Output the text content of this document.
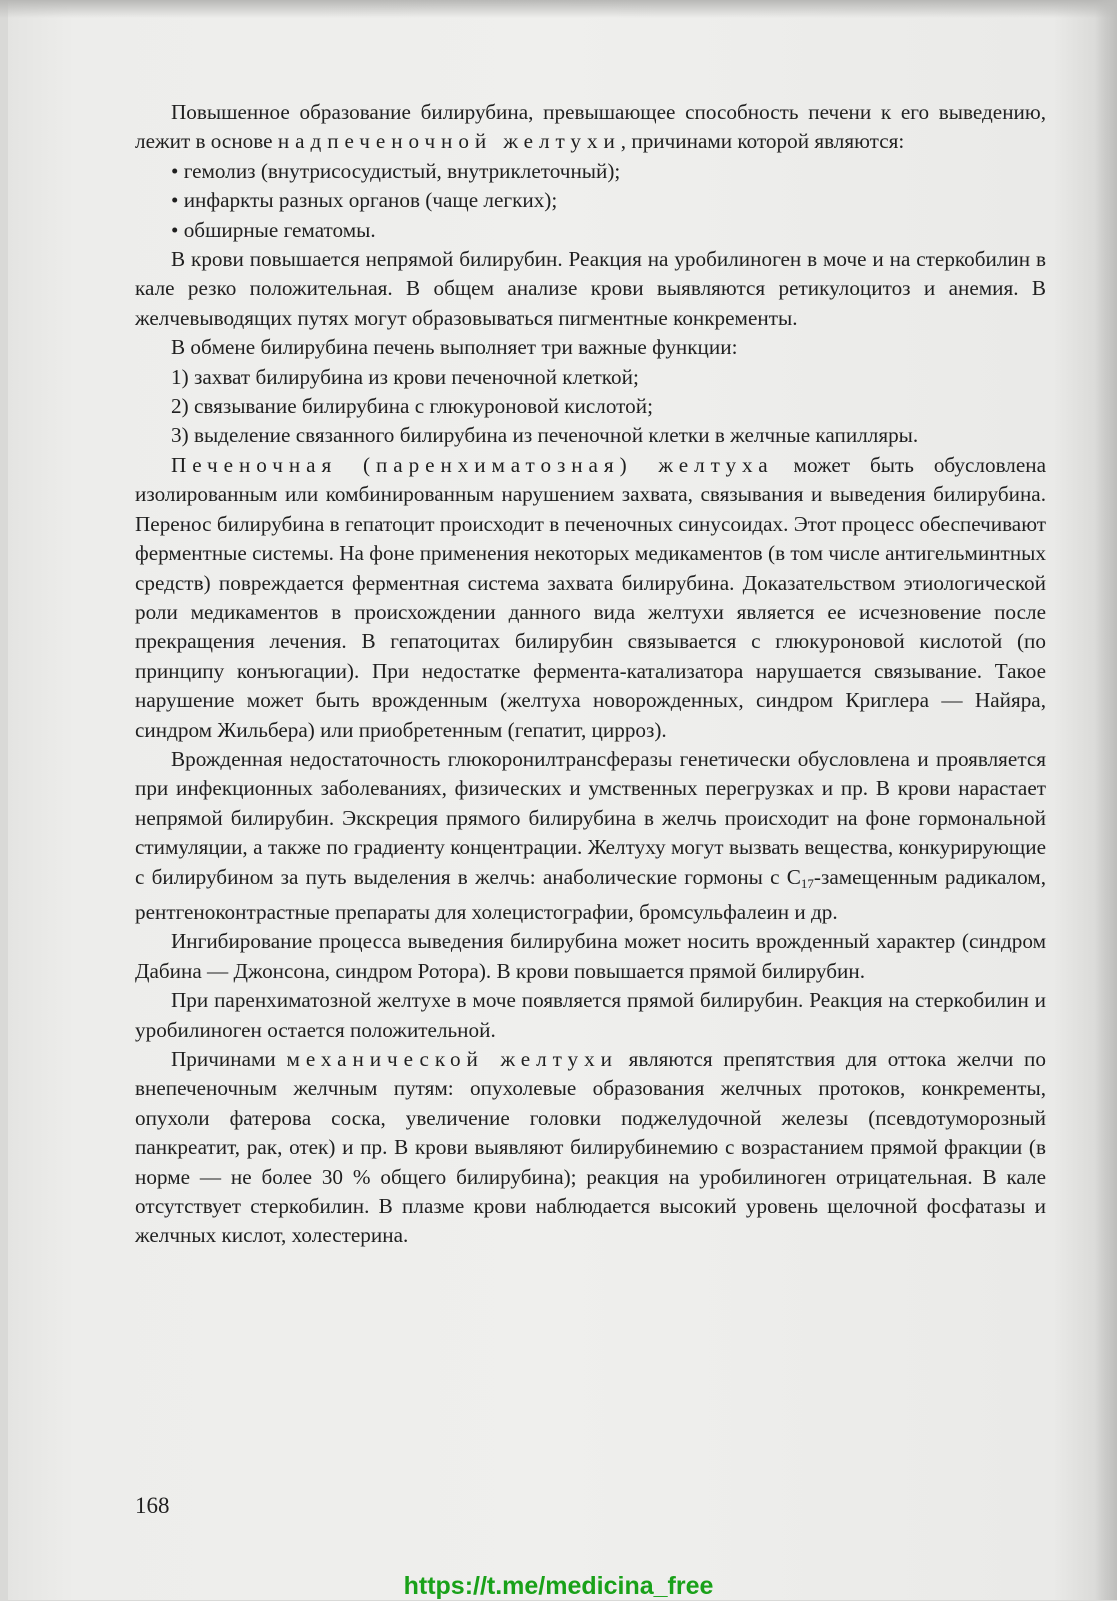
Повышенное образование билирубина, превышающее способность печени к его выведению, лежит в основе надпеченочной желтухи, причинами которой являются:

• гемолиз (внутрисосудистый, внутриклеточный);

• инфаркты разных органов (чаще легких);

• обширные гематомы.

В крови повышается непрямой билирубин. Реакция на уробилиноген в моче и на стеркобилин в кале резко положительная. В общем анализе крови выявляются ретикулоцитоз и анемия. В желчевыводящих путях могут образовываться пигментные конкременты.

В обмене билирубина печень выполняет три важные функции:

1) захват билирубина из крови печеночной клеткой;

2) связывание билирубина с глюкуроновой кислотой;

3) выделение связанного билирубина из печеночной клетки в желчные капилляры.

Печеночная (паренхиматозная) желтуха может быть обусловлена изолированным или комбинированным нарушением захвата, связывания и выведения билирубина. Перенос билирубина в гепатоцит происходит в печеночных синусоидах. Этот процесс обеспечивают ферментные системы. На фоне применения некоторых медикаментов (в том числе антигельминтных средств) повреждается ферментная система захвата билирубина. Доказательством этиологической роли медикаментов в происхождении данного вида желтухи является ее исчезновение после прекращения лечения. В гепатоцитах билирубин связывается с глюкуроновой кислотой (по принципу конъюгации). При недостатке фермента-катализатора нарушается связывание. Такое нарушение может быть врожденным (желтуха новорожденных, синдром Криглера — Найяра, синдром Жильбера) или приобретенным (гепатит, цирроз).

Врожденная недостаточность глюкоронилтрансферазы генетически обусловлена и проявляется при инфекционных заболеваниях, физических и умственных перегрузках и пр. В крови нарастает непрямой билирубин. Экскреция прямого билирубина в желчь происходит на фоне гормональной стимуляции, а также по градиенту концентрации. Желтуху могут вызвать вещества, конкурирующие с билирубином за путь выделения в желчь: анаболические гормоны с $С_{17}$-замещенным радикалом, рентгеноконтрастные препараты для холецистографии, бромсульфалеин и др.

Ингибирование процесса выведения билирубина может носить врожденный характер (синдром Дабина — Джонсона, синдром Ротора). В крови повышается прямой билирубин.

При паренхиматозной желтухе в моче появляется прямой билирубин. Реакция на стеркобилин и уробилиноген остается положительной.

Причинами механической желтухи являются препятствия для оттока желчи по внепеченочным желчным путям: опухолевые образования желчных протоков, конкременты, опухоли фатерова соска, увеличение головки поджелудочной железы (псевдотуморозный панкреатит, рак, отек) и пр. В крови выявляют билирубинемию с возрастанием прямой фракции (в норме — не более 30 % общего билирубина); реакция на уробилиноген отрицательная. В кале отсутствует стеркобилин. В плазме крови наблюдается высокий уровень щелочной фосфатазы и желчных кислот, холестерина.

168
https://t.me/medicina_free
